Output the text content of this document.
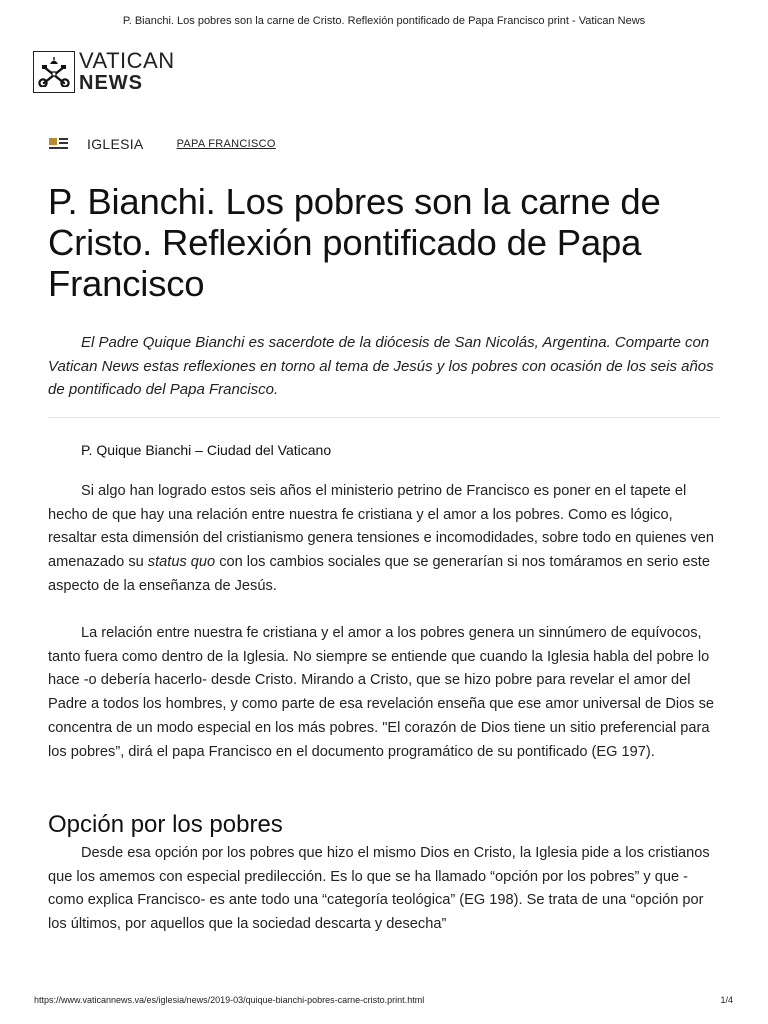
P. Bianchi. Los pobres son la carne de Cristo. Reflexión pontificado de Papa Francisco print - Vatican News
VATICAN
NEWS
IGLESIA	PAPA FRANCISCO
P. Bianchi. Los pobres son la carne de Cristo. Reflexión pontificado de Papa Francisco

El Padre Quique Bianchi es sacerdote de la diócesis de San Nicolás, Argentina. Comparte con Vatican News estas reflexiones en torno al tema de Jesús y los pobres con ocasión de los seis años de pontificado del Papa Francisco.

P. Quique Bianchi – Ciudad del Vaticano

Si algo han logrado estos seis años el ministerio petrino de Francisco es poner en el tapete el hecho de que hay una relación entre nuestra fe cristiana y el amor a los pobres. Como es lógico, resaltar esta dimensión del cristianismo genera tensiones e incomodidades, sobre todo en quienes ven amenazado su status quo con los cambios sociales que se generarían si nos tomáramos en serio este aspecto de la enseñanza de Jesús.

La relación entre nuestra fe cristiana y el amor a los pobres genera un sinnúmero de equívocos, tanto fuera como dentro de la Iglesia. No siempre se entiende que cuando la Iglesia habla del pobre lo hace -o debería hacerlo- desde Cristo. Mirando a Cristo, que se hizo pobre para revelar el amor del Padre a todos los hombres, y como parte de esa revelación enseña que ese amor universal de Dios se concentra de un modo especial en los más pobres. "El corazón de Dios tiene un sitio preferencial para los pobres”, dirá el papa Francisco en el documento programático de su pontificado (EG 197).

Opción por los pobres

Desde esa opción por los pobres que hizo el mismo Dios en Cristo, la Iglesia pide a los cristianos que los amemos con especial predilección. Es lo que se ha llamado “opción por los pobres” y que -como explica Francisco- es ante todo una “categoría teológica” (EG 198). Se trata de una “opción por los últimos, por aquellos que la sociedad descarta y desecha”

https://www.vaticannews.va/es/iglesia/news/2019-03/quique-bianchi-pobres-carne-cristo.print.html	1/4
